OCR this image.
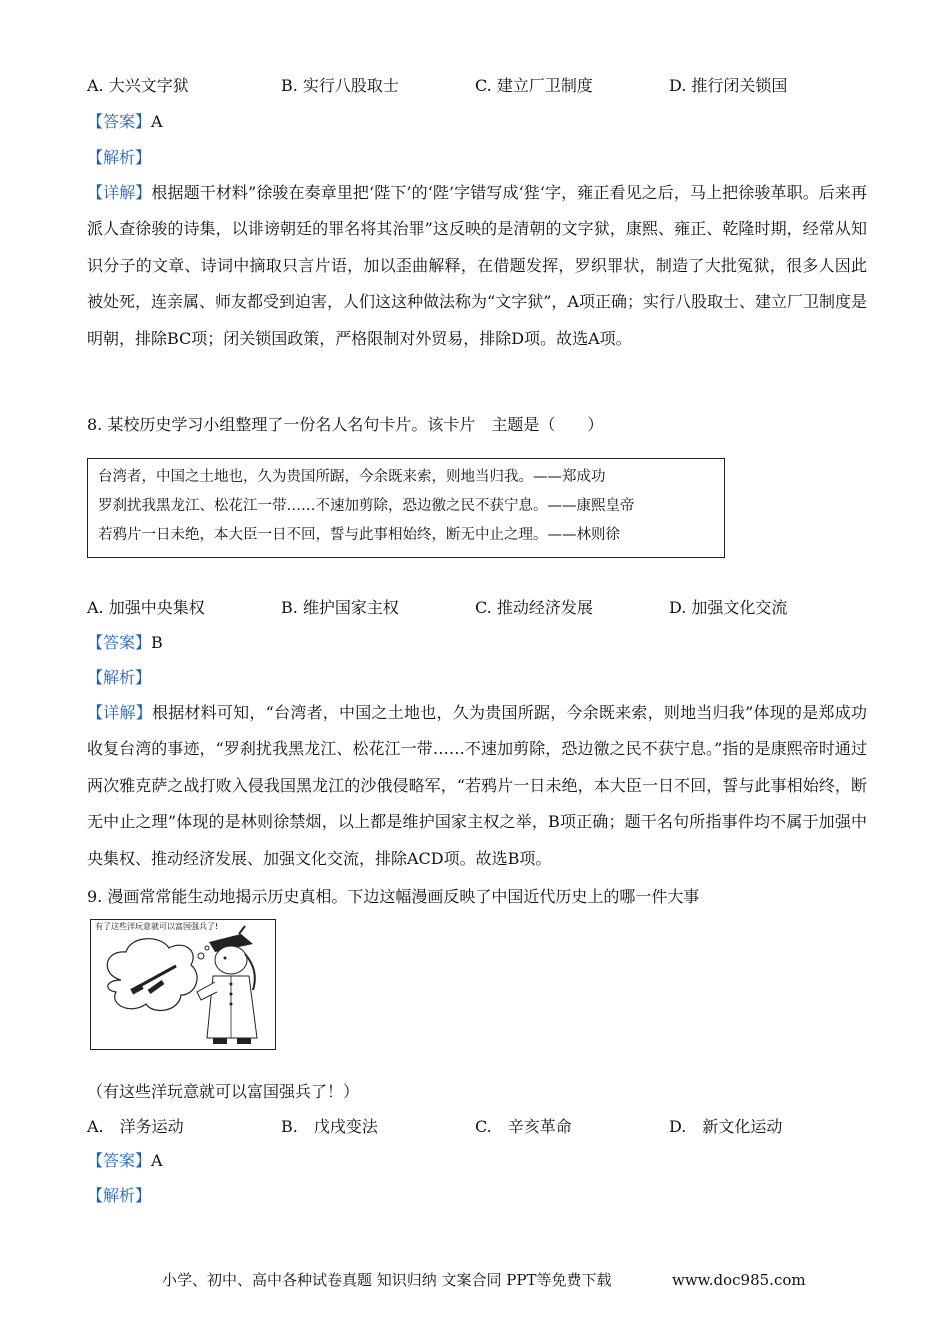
A. 大兴文字狱	B. 实行八股取士	C. 建立厂卫制度	D. 推行闭关锁国
【答案】A
【解析】
【详解】根据题干材料”徐骏在奏章里把‘陛下’的‘陛’字错写成‘狴‘字，雍正看见之后，马上把徐骏革职。后来再派人查徐骏的诗集，以诽谤朝廷的罪名将其治罪”这反映的是清朝的文字狱，康熙、雍正、乾隆时期，经常从知识分子的文章、诗词中摘取只言片语，加以歪曲解释，在借题发挥，罗织罪状，制造了大批冤狱，很多人因此被处死，连亲属、师友都受到迫害，人们这这种做法称为“文字狱”，A项正确；实行八股取士、建立厂卫制度是明朝，排除BC项；闭关锁国政策，严格限制对外贸易，排除D项。故选A项。
8. 某校历史学习小组整理了一份名人名句卡片。该卡片　主题是（　　）
台湾者，中国之土地也，久为贵国所踞，今余既来索，则地当归我。——郑成功
罗刹扰我黑龙江、松花江一带……不速加剪除，恐边徼之民不获宁息。——康熙皇帝
若鸦片一日未绝，本大臣一日不回，誓与此事相始终，断无中止之理。——林则徐
A. 加强中央集权	B. 维护国家主权	C. 推动经济发展	D. 加强文化交流
【答案】B
【解析】
【详解】根据材料可知，“台湾者，中国之土地也，久为贵国所踞，今余既来索，则地当归我”体现的是郑成功收复台湾的事迹，“罗刹扰我黑龙江、松花江一带……不速加剪除，恐边徼之民不获宁息。”指的是康熙帝时通过两次雅克萨之战打败入侵我国黑龙江的沙俄侵略军，“若鸦片一日未绝，本大臣一日不回，誓与此事相始终，断无中止之理”体现的是林则徐禁烟，以上都是维护国家主权之举，B项正确；题干名句所指事件均不属于加强中央集权、推动经济发展、加强文化交流，排除ACD项。故选B项。
9. 漫画常常能生动地揭示历史真相。下边这幅漫画反映了中国近代历史上的哪一件大事
有了这些洋玩意就可以富国强兵了!
（有这些洋玩意就可以富国强兵了！）
A.　洋务运动	B.　戊戌变法	C.　辛亥革命	D.　新文化运动
【答案】A
【解析】
小学、初中、高中各种试卷真题 知识归纳 文案合同 PPT等免费下载	www.doc985.com
